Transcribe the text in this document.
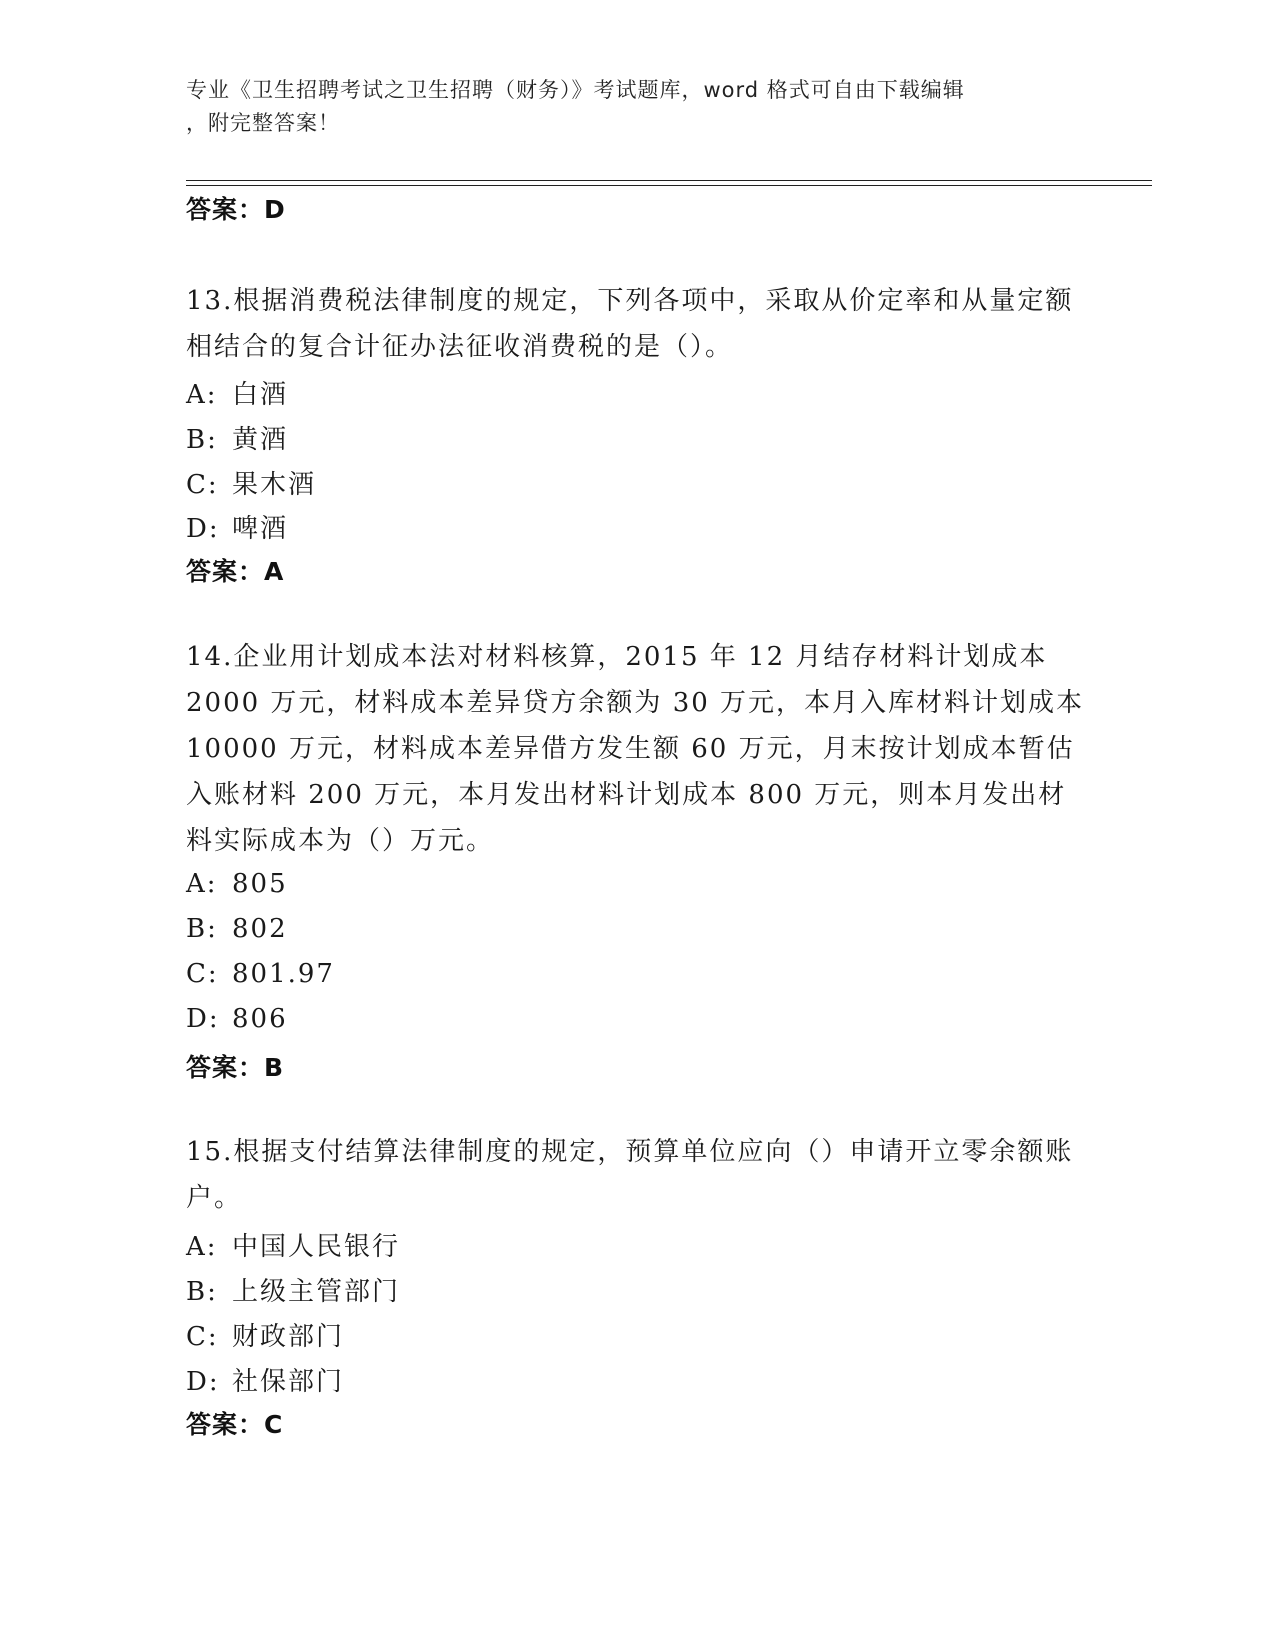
专业《卫生招聘考试之卫生招聘（财务）》考试题库，word 格式可自由下载编辑
，附完整答案！
答案：D
13.根据消费税法律制度的规定，下列各项中，采取从价定率和从量定额相结合的复合计征办法征收消费税的是（）。
A: 白酒
B: 黄酒
C: 果木酒
D: 啤酒
答案：A
14.企业用计划成本法对材料核算，2015 年 12 月结存材料计划成本 2000 万元，材料成本差异贷方余额为 30 万元，本月入库材料计划成本 10000 万元，材料成本差异借方发生额 60 万元，月末按计划成本暂估入账材料 200 万元，本月发出材料计划成本 800 万元，则本月发出材料实际成本为（）万元。
A: 805
B: 802
C: 801.97
D: 806
答案：B
15.根据支付结算法律制度的规定，预算单位应向（）申请开立零余额账户。
A: 中国人民银行
B: 上级主管部门
C: 财政部门
D: 社保部门
答案：C
